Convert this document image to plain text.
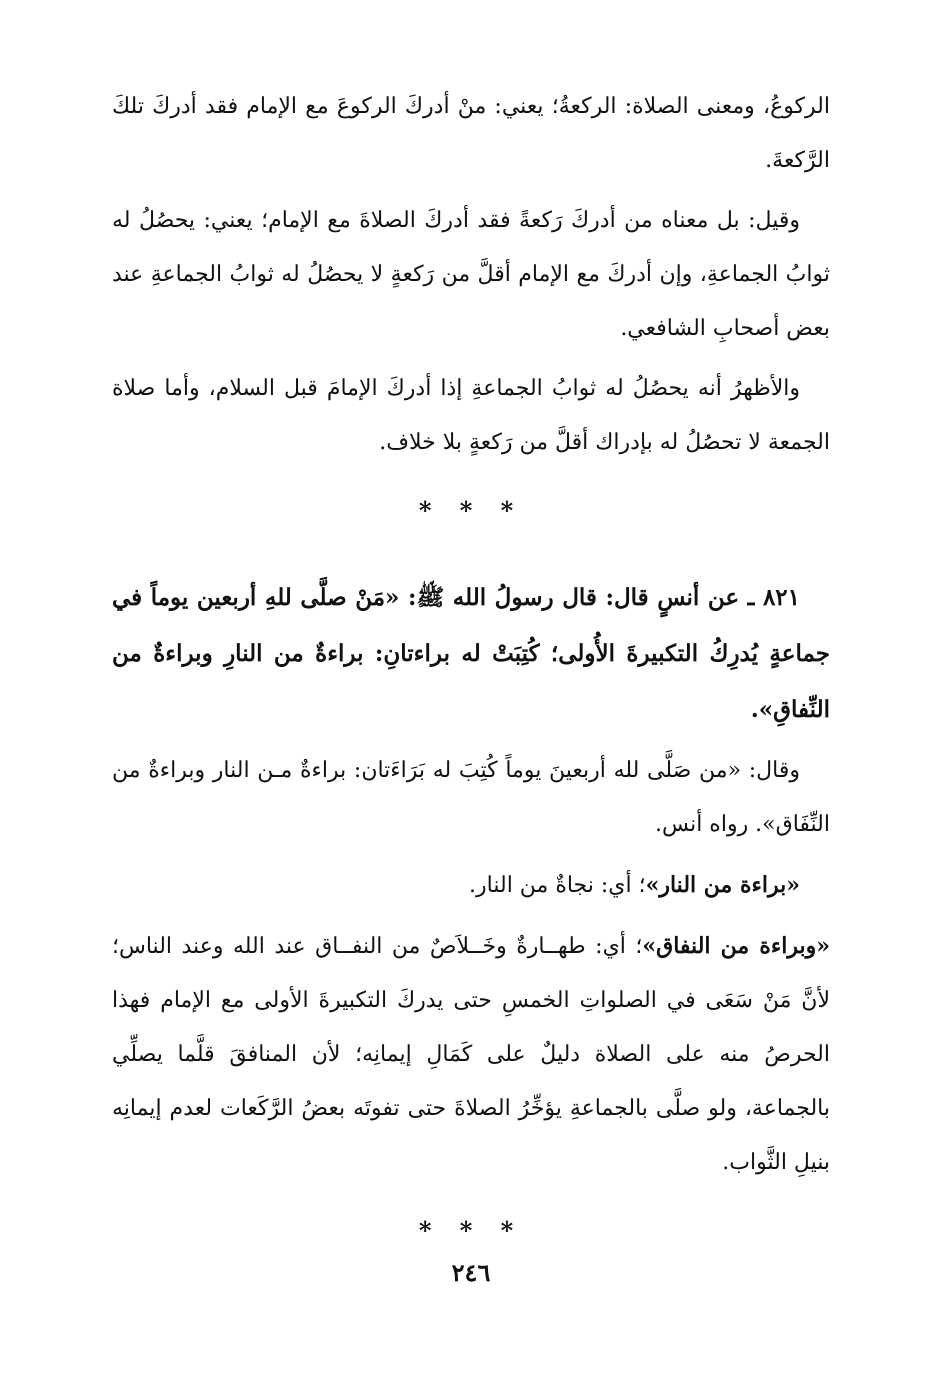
الركوعُ، ومعنى الصلاة: الركعةُ؛ يعني: منْ أدركَ الركوعَ مع الإمام فقد أدركَ تلكَ الرَّكعةَ.

وقيل: بل معناه من أدركَ رَكعةً فقد أدركَ الصلاةَ مع الإمام؛ يعني: يحصُلُ له ثوابُ الجماعةِ، وإن أدركَ مع الإمام أقلَّ من رَكعةٍ لا يحصُلُ له ثوابُ الجماعةِ عند بعض أصحابِ الشافعي.

والأظهرُ أنه يحصُلُ له ثوابُ الجماعةِ إذا أدركَ الإمامَ قبل السلام، وأما صلاة الجمعة لا تحصُلُ له بإدراك أقلَّ من رَكعةٍ بلا خلاف.

* * *

٨٢١ ـ عن أنسٍ قال: قال رسولُ الله ﷺ: «مَنْ صلَّى للهِ أربعين يوماً في جماعةٍ يُدرِكُ التكبيرةَ الأُولى؛ كُتِبَتْ له براءتانِ: براءةٌ من النارِ وبراءةٌ من النِّفاقِ».

وقال: «من صَلَّى لله أربعينَ يوماً كُتِبَ له بَرَاءَتان: براءةٌ مـن النار وبراءةٌ من النِّفَاق». رواه أنس.

«براءة من النار»؛ أي: نجاةٌ من النار.

«وبراءة من النفاق»؛ أي: طهــارةٌ وخَــلاَصٌ من النفــاق عند الله وعند الناس؛ لأنَّ مَنْ سَعَى في الصلواتِ الخمسِ حتى يدركَ التكبيرةَ الأولى مع الإمام فهذا الحرصُ منه على الصلاة دليلٌ على كَمَالِ إيمانِه؛ لأن المنافقَ قلَّما يصلِّي بالجماعة، ولو صلَّى بالجماعةِ يؤخِّرُ الصلاةَ حتى تفوتَه بعضُ الرَّكَعات لعدم إيمانِه بنيلِ الثَّواب.

* * *
٢٤٦
